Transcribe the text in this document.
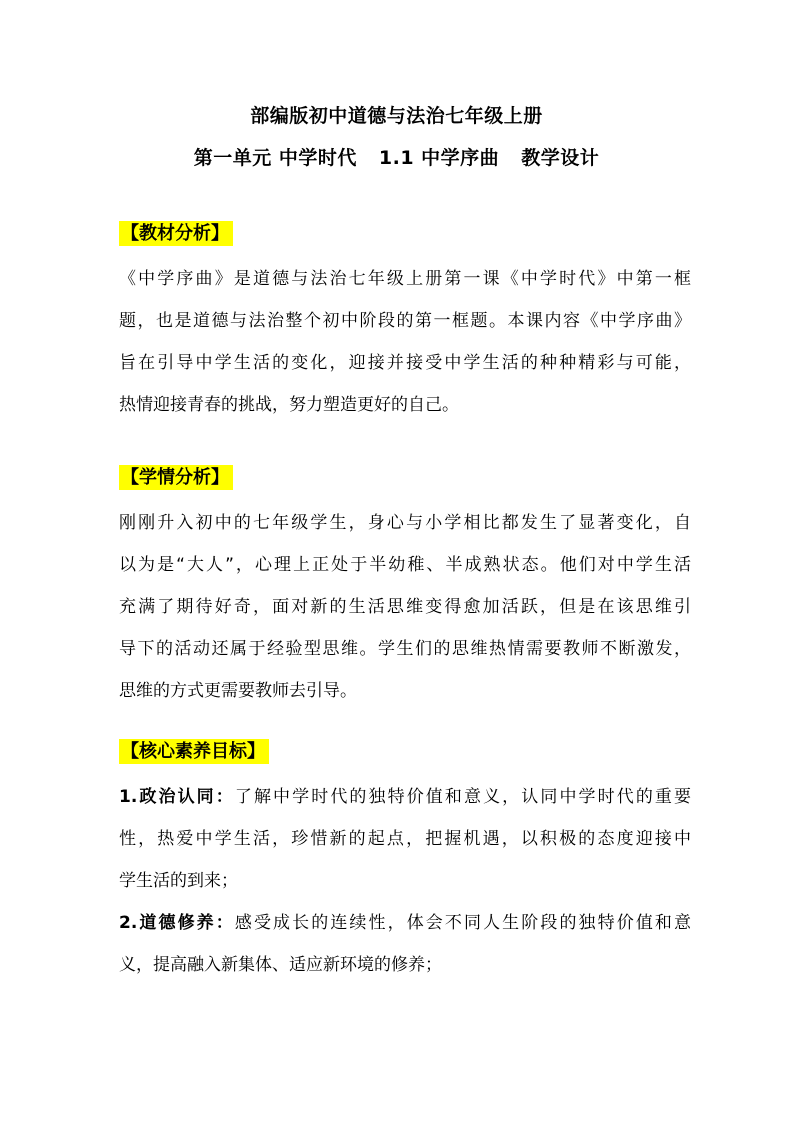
部编版初中道德与法治七年级上册
第一单元 中学时代 1.1 中学序曲 教学设计
【教材分析】
《中学序曲》是道德与法治七年级上册第一课《中学时代》中第一框
题，也是道德与法治整个初中阶段的第一框题。本课内容《中学序曲》
旨在引导中学生活的变化，迎接并接受中学生活的种种精彩与可能，
热情迎接青春的挑战，努力塑造更好的自己。
【学情分析】
刚刚升入初中的七年级学生，身心与小学相比都发生了显著变化，自
以为是“大人”，心理上正处于半幼稚、半成熟状态。他们对中学生活
充满了期待好奇，面对新的生活思维变得愈加活跃，但是在该思维引
导下的活动还属于经验型思维。学生们的思维热情需要教师不断激发，
思维的方式更需要教师去引导。
【核心素养目标】
1.政治认同：了解中学时代的独特价值和意义，认同中学时代的重要
性，热爱中学生活，珍惜新的起点，把握机遇，以积极的态度迎接中
学生活的到来；
2.道德修养：感受成长的连续性，体会不同人生阶段的独特价值和意
义，提高融入新集体、适应新环境的修养；
